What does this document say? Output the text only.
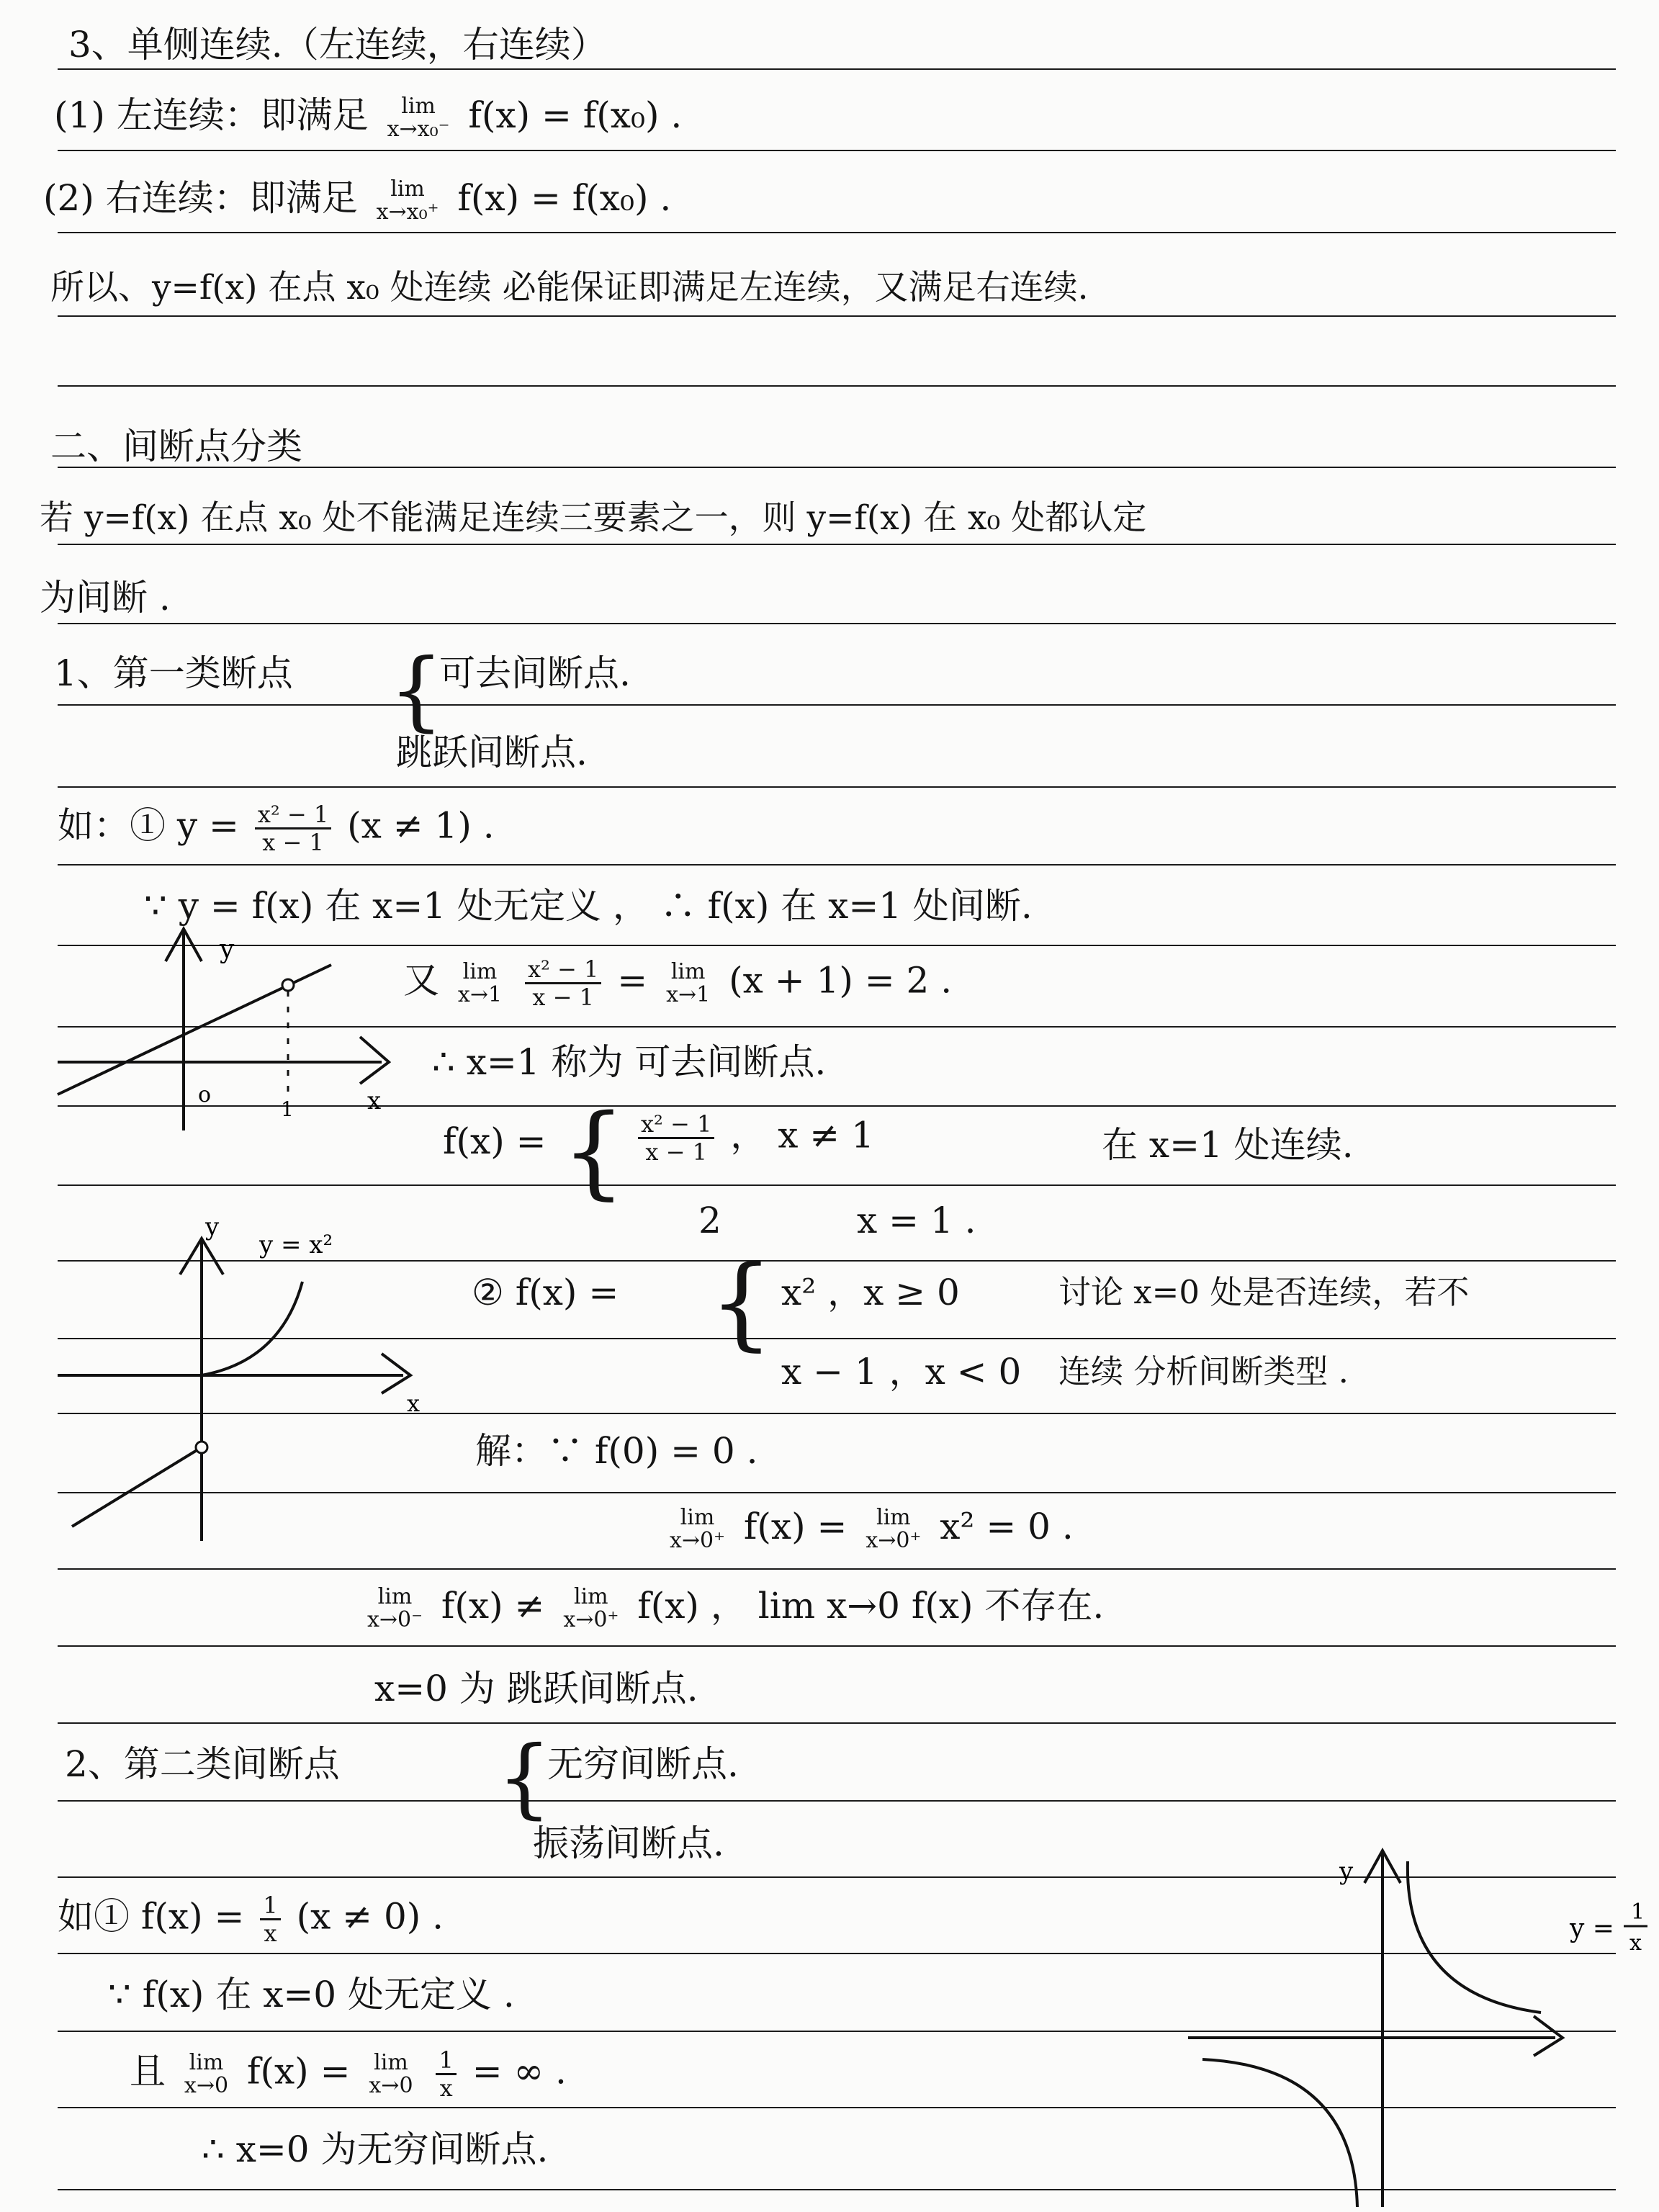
3、单侧连续.（左连续，右连续）
(1) 左连续：即满足	lim
x→x₀⁻ f(x) = f(x₀) .
(2) 右连续：即满足	lim
x→x₀⁺ f(x) = f(x₀) .
所以、y=f(x) 在点 x₀ 处连续 必能保证即满足左连续，又满足右连续.
二、间断点分类
若 y=f(x) 在点 x₀ 处不能满足连续三要素之一，则 y=f(x) 在 x₀ 处都认定
为间断 .
1、第一类断点 {
可去间断点.
跳跃间断点.
如：① $y = \frac{\text{x² − 1}}{x - 1} (x \ne 1)$ .
∵ y = f(x) 在 x=1 处无定义 ， ∴ f(x) 在 x=1 处间断.
又 lim
x→1
$\frac{\text{x² − 1}}{x - 1} = \lim$
x→1 (x + 1) = 2 .
∴ x=1 称为 可去间断点.
f(x) = { $\frac{\text{x² − 1}}{x - 1}$ ， x ≠ 1	在 x=1 处连续.
2	x = 1 .
y
x
o
1
y
y = x²
x
② f(x) = { x² ，x ≥ 0	讨论 x=0 处是否连续，若不
x − 1 ，x < 0 连续 分析间断类型 .
解：∵ f(0) = 0 .
lim
x→0⁺ f(x) =	lim
x→0⁺ x² = 0 .
lim
x→0⁻ f(x) ≠	lim
x→0⁺ f(x) ， lim x→0 f(x) 不存在.
x=0 为 跳跃间断点.
2、第二类间断点 {
无穷间断点.
振荡间断点.
如① $f(x) = \frac{1}{x} (x \ne 0)$ .
∵ f(x) 在 x=0 处无定义 .
且 lim
x→0 f(x) = lim
x→0
$\frac{1}{x}$ = ∞ .
∴ x=0 为无穷间断点.
y
y =
1
x
